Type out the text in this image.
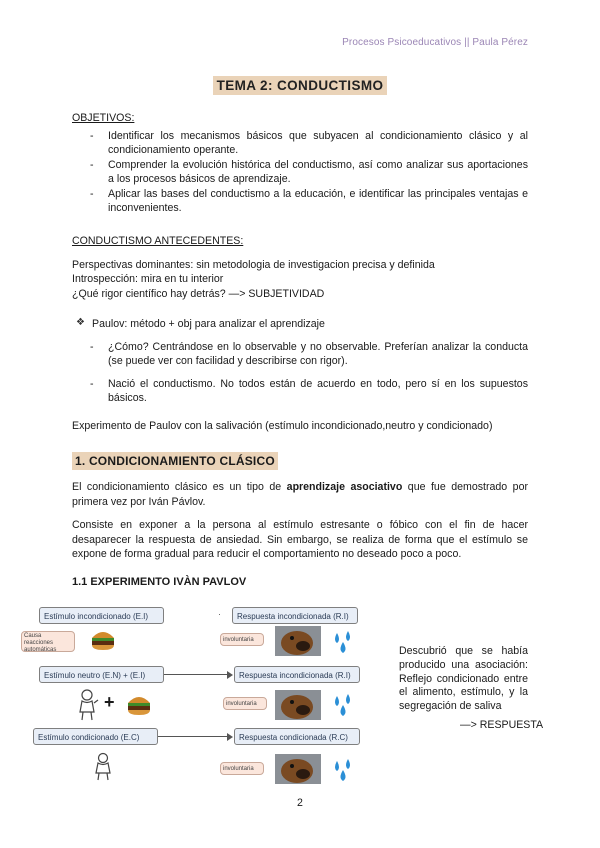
Procesos Psicoeducativos || Paula Pérez
TEMA 2: CONDUCTISMO
OBJETIVOS:
- Identificar los mecanismos básicos que subyacen al condicionamiento clásico y al condicionamiento operante.
- Comprender la evolución histórica del conductismo, así como analizar sus aportaciones a los procesos básicos de aprendizaje.
- Aplicar las bases del conductismo a la educación, e identificar las principales ventajas e inconvenientes.
CONDUCTISMO ANTECEDENTES:
Perspectivas dominantes: sin metodologia de investigacion precisa y definida
Introspección: mira en tu interior
¿Qué rigor científico hay detrás? —> SUBJETIVIDAD
❖ Paulov: método + obj para analizar el aprendizaje
- ¿Cómo? Centrándose en lo observable y no observable. Preferían analizar la conducta (se puede ver con facilidad y describirse con rigor).
- Nació el conductismo. No todos están de acuerdo en todo, pero sí en los supuestos básicos.
Experimento de Paulov con la salivación (estímulo incondicionado,neutro y condicionado)
1. CONDICIONAMIENTO CLÁSICO
El condicionamiento clásico es un tipo de aprendizaje asociativo que fue demostrado por primera vez por Iván Pávlov.
Consiste en exponer a la persona al estímulo estresante o fóbico con el fin de hacer desaparecer la respuesta de ansiedad. Sin embargo, se realiza de forma que el estímulo se expone de forma gradual para reducir el comportamiento no deseado poco a poco.
1.1 EXPERIMENTO IVÀN PAVLOV
Estímulo incondicionado (E.I)	·	Respuesta incondicionada (R.I)
Causa reacciones automáticas
involuntaria
Estímulo neutro (E.N) + (E.I)	Respuesta incondicionada (R.I)
+	involuntaria
Estímulo condicionado (E.C)	Respuesta condicionada (R.C)
involuntaria
Descubrió que se había producido una asociación: Reflejo condicionado entre el alimento, estímulo, y la segregación de saliva
—> RESPUESTA
2
